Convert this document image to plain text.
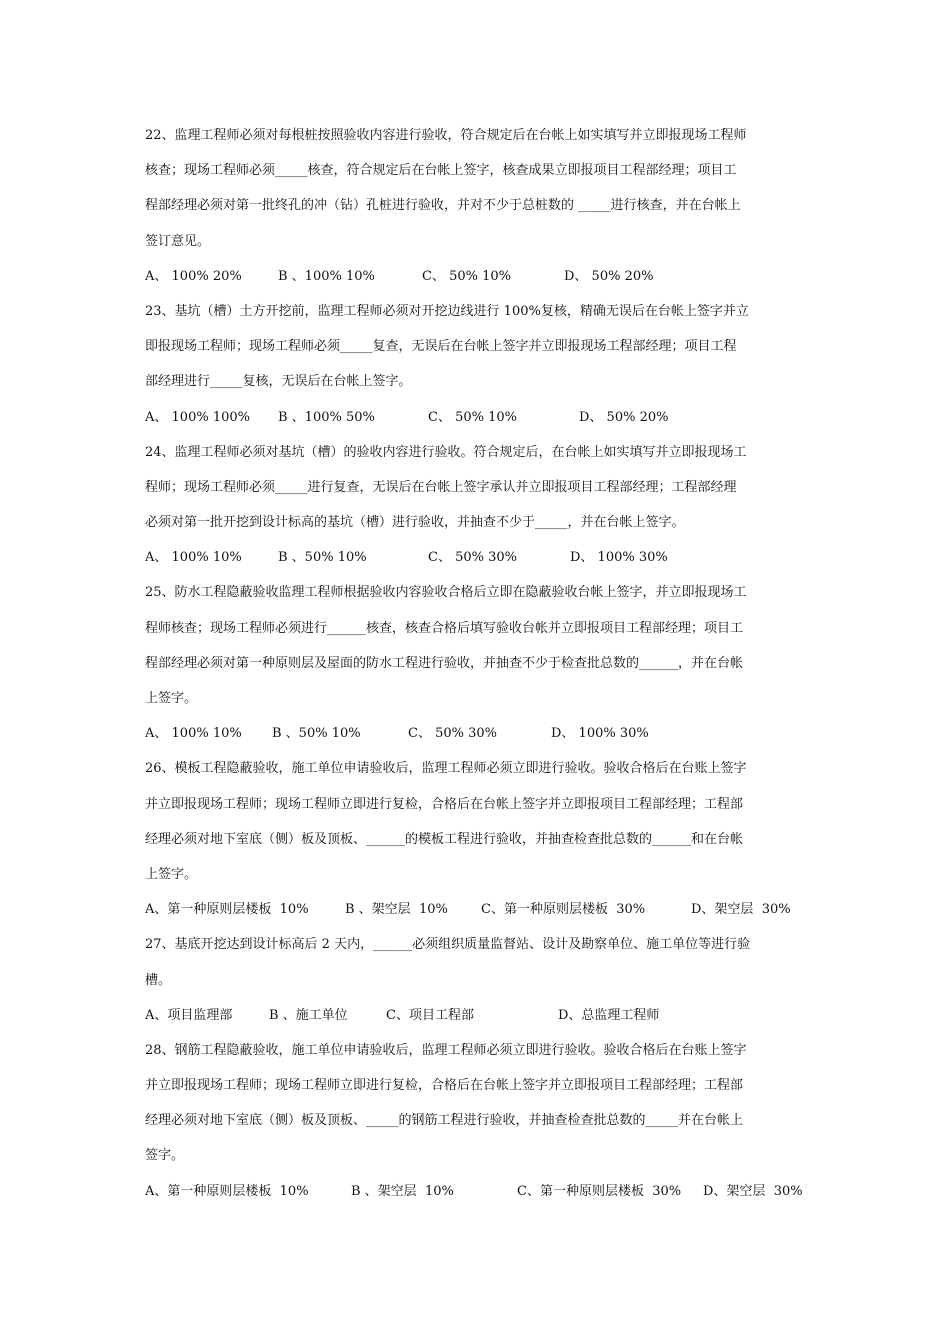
22、监理工程师必须对每根桩按照验收内容进行验收，符合规定后在台帐上如实填写并立即报现场工程师
核查；现场工程师必须_____核查，符合规定后在台帐上签字，核查成果立即报项目工程部经理；项目工
程部经理必须对第一批终孔的冲（钻）孔桩进行验收，并对不少于总桩数的 _____进行核查，并在台帐上
签订意见。
A、 100% 20%	B 、100% 10%	C、 50% 10%	D、 50% 20%
23、基坑（槽）土方开挖前，监理工程师必须对开挖边线进行 100%复核，精确无误后在台帐上签字并立
即报现场工程师；现场工程师必须_____复查，无误后在台帐上签字并立即报现场工程部经理；项目工程
部经理进行_____复核，无误后在台帐上签字。
A、 100% 100%	B 、100% 50%	C、 50% 10%	D、 50% 20%
24、监理工程师必须对基坑（槽）的验收内容进行验收。符合规定后，在台帐上如实填写并立即报现场工
程师；现场工程师必须_____进行复查，无误后在台帐上签字承认并立即报项目工程部经理；工程部经理
必须对第一批开挖到设计标高的基坑（槽）进行验收，并抽查不少于_____，并在台帐上签字。
A、 100% 10%	B 、50% 10%	C、 50% 30%	D、 100% 30%
25、防水工程隐蔽验收监理工程师根据验收内容验收合格后立即在隐蔽验收台帐上签字，并立即报现场工
程师核查；现场工程师必须进行______核查，核查合格后填写验收台帐并立即报项目工程部经理；项目工
程部经理必须对第一种原则层及屋面的防水工程进行验收，并抽查不少于检查批总数的______，并在台帐
上签字。
A、 100% 10%	B 、50% 10%	C、 50% 30%	D、 100% 30%
26、模板工程隐蔽验收，施工单位申请验收后，监理工程师必须立即进行验收。验收合格后在台账上签字
并立即报现场工程师；现场工程师立即进行复检，合格后在台帐上签字并立即报项目工程部经理；工程部
经理必须对地下室底（侧）板及顶板、______的模板工程进行验收，并抽查检查批总数的______和在台帐
上签字。
A、第一种原则层楼板  10%	B 、架空层  10%	C、第一种原则层楼板  30%	D、架空层  30%
27、基底开挖达到设计标高后 2 天内，______必须组织质量监督站、设计及勘察单位、施工单位等进行验
槽。
A、项目监理部	B 、施工单位	C、项目工程部	D、总监理工程师
28、钢筋工程隐蔽验收，施工单位申请验收后，监理工程师必须立即进行验收。验收合格后在台账上签字
并立即报现场工程师；现场工程师立即进行复检，合格后在台帐上签字并立即报项目工程部经理；工程部
经理必须对地下室底（侧）板及顶板、_____的钢筋工程进行验收，并抽查检查批总数的_____并在台帐上
签字。
A、第一种原则层楼板  10%	B 、架空层  10%	C、第一种原则层楼板  30%	D、架空层  30%
